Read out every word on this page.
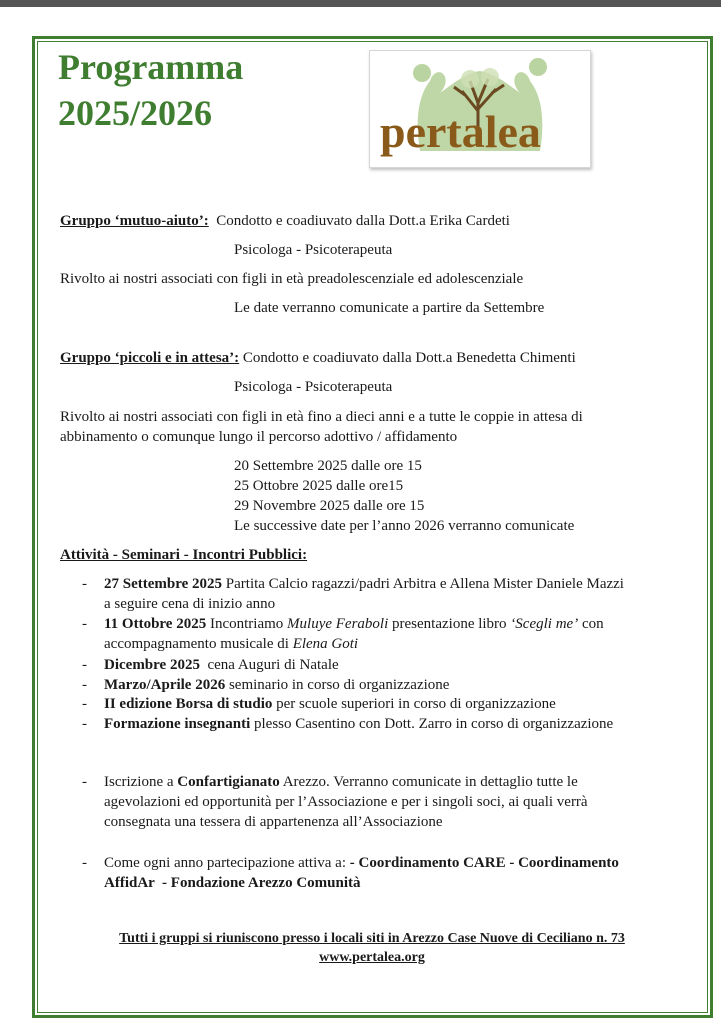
Programma
2025/2026	pertalea
Gruppo ‘mutuo-aiuto’: Condotto e coadiuvato dalla Dott.a Erika Cardeti
Psicologa - Psicoterapeuta
Rivolto ai nostri associati con figli in età preadolescenziale ed adolescenziale
Le date verranno comunicate a partire da Settembre
Gruppo ‘piccoli e in attesa’: Condotto e coadiuvato dalla Dott.a Benedetta Chimenti
Psicologa - Psicoterapeuta
Rivolto ai nostri associati con figli in età fino a dieci anni e a tutte le coppie in attesa di
abbinamento o comunque lungo il percorso adottivo / affidamento
20 Settembre 2025 dalle ore 15
25 Ottobre 2025 dalle ore15
29 Novembre 2025 dalle ore 15
Le successive date per l’anno 2026 verranno comunicate
Attività - Seminari - Incontri Pubblici:
- 27 Settembre 2025 Partita Calcio ragazzi/padri Arbitra e Allena Mister Daniele Mazzi
a seguire cena di inizio anno
- 11 Ottobre 2025 Incontriamo Muluye Feraboli presentazione libro ‘Scegli me’ con
accompagnamento musicale di Elena Goti
- Dicembre 2025  cena Auguri di Natale
- Marzo/Aprile 2026 seminario in corso di organizzazione
- II edizione Borsa di studio per scuole superiori in corso di organizzazione
- Formazione insegnanti plesso Casentino con Dott. Zarro in corso di organizzazione
- Iscrizione a Confartigianato Arezzo. Verranno comunicate in dettaglio tutte le
agevolazioni ed opportunità per l’Associazione e per i singoli soci, ai quali verrà
consegnata una tessera di appartenenza all’Associazione
- Come ogni anno partecipazione attiva a: - Coordinamento CARE - Coordinamento
AffidAr  - Fondazione Arezzo Comunità
Tutti i gruppi si riuniscono presso i locali siti in Arezzo Case Nuove di Ceciliano n. 73
www.pertalea.org
